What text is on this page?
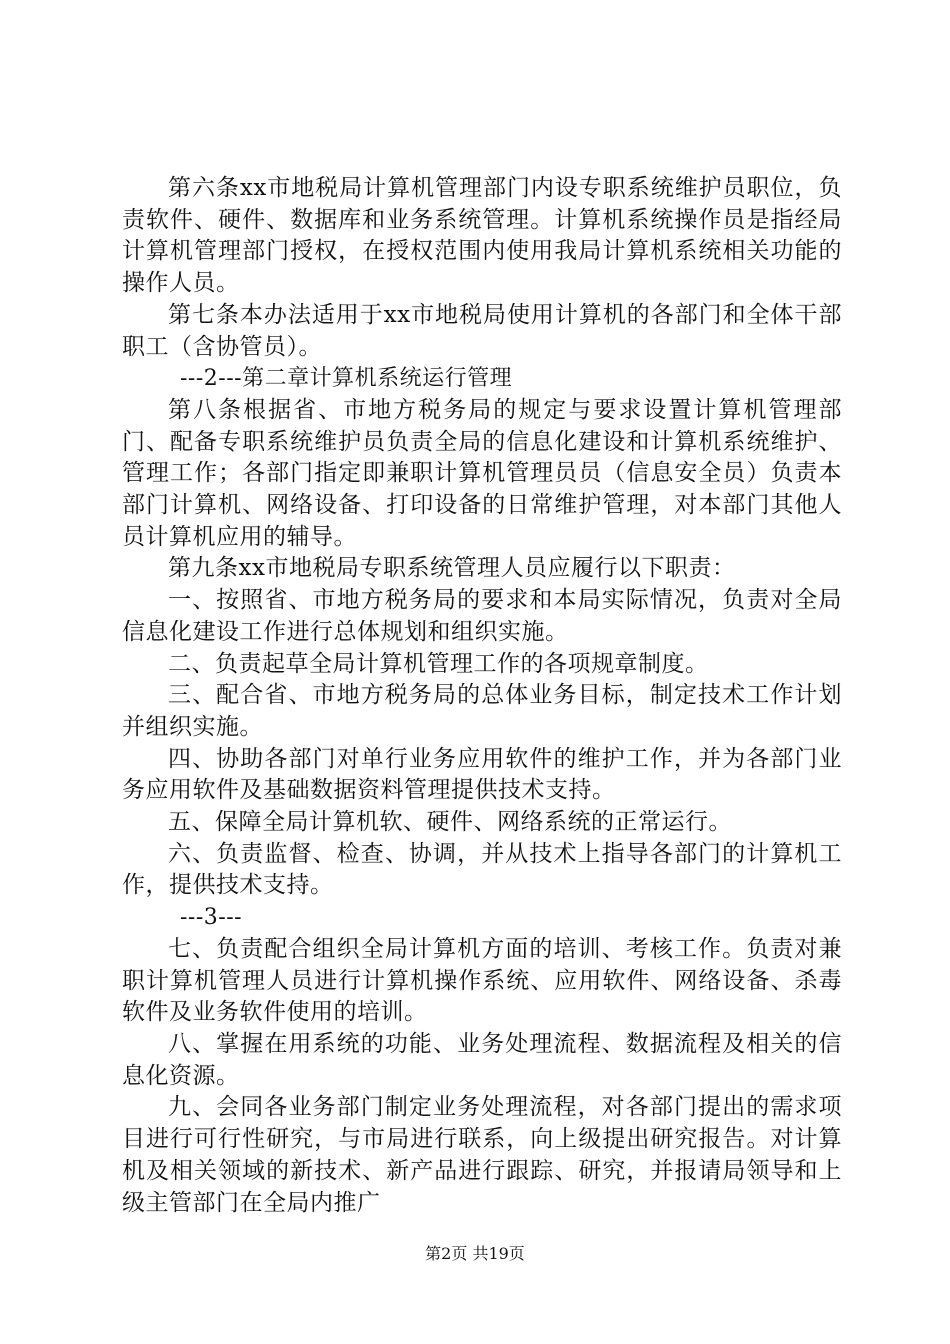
第六条xx市地税局计算机管理部门内设专职系统维护员职位，负责软件、硬件、数据库和业务系统管理。计算机系统操作员是指经局计算机管理部门授权，在授权范围内使用我局计算机系统相关功能的操作人员。

第七条本办法适用于xx市地税局使用计算机的各部门和全体干部职工（含协管员）。

---2---第二章计算机系统运行管理

第八条根据省、市地方税务局的规定与要求设置计算机管理部门、配备专职系统维护员负责全局的信息化建设和计算机系统维护、管理工作；各部门指定即兼职计算机管理员员（信息安全员）负责本部门计算机、网络设备、打印设备的日常维护管理，对本部门其他人员计算机应用的辅导。

第九条xx市地税局专职系统管理人员应履行以下职责：

一、按照省、市地方税务局的要求和本局实际情况，负责对全局信息化建设工作进行总体规划和组织实施。

二、负责起草全局计算机管理工作的各项规章制度。

三、配合省、市地方税务局的总体业务目标，制定技术工作计划并组织实施。

四、协助各部门对单行业务应用软件的维护工作，并为各部门业务应用软件及基础数据资料管理提供技术支持。

五、保障全局计算机软、硬件、网络系统的正常运行。

六、负责监督、检查、协调，并从技术上指导各部门的计算机工作，提供技术支持。

---3---

七、负责配合组织全局计算机方面的培训、考核工作。负责对兼职计算机管理人员进行计算机操作系统、应用软件、网络设备、杀毒软件及业务软件使用的培训。

八、掌握在用系统的功能、业务处理流程、数据流程及相关的信息化资源。

九、会同各业务部门制定业务处理流程，对各部门提出的需求项目进行可行性研究，与市局进行联系，向上级提出研究报告。对计算机及相关领域的新技术、新产品进行跟踪、研究，并报请局领导和上级主管部门在全局内推广

第2页 共19页
